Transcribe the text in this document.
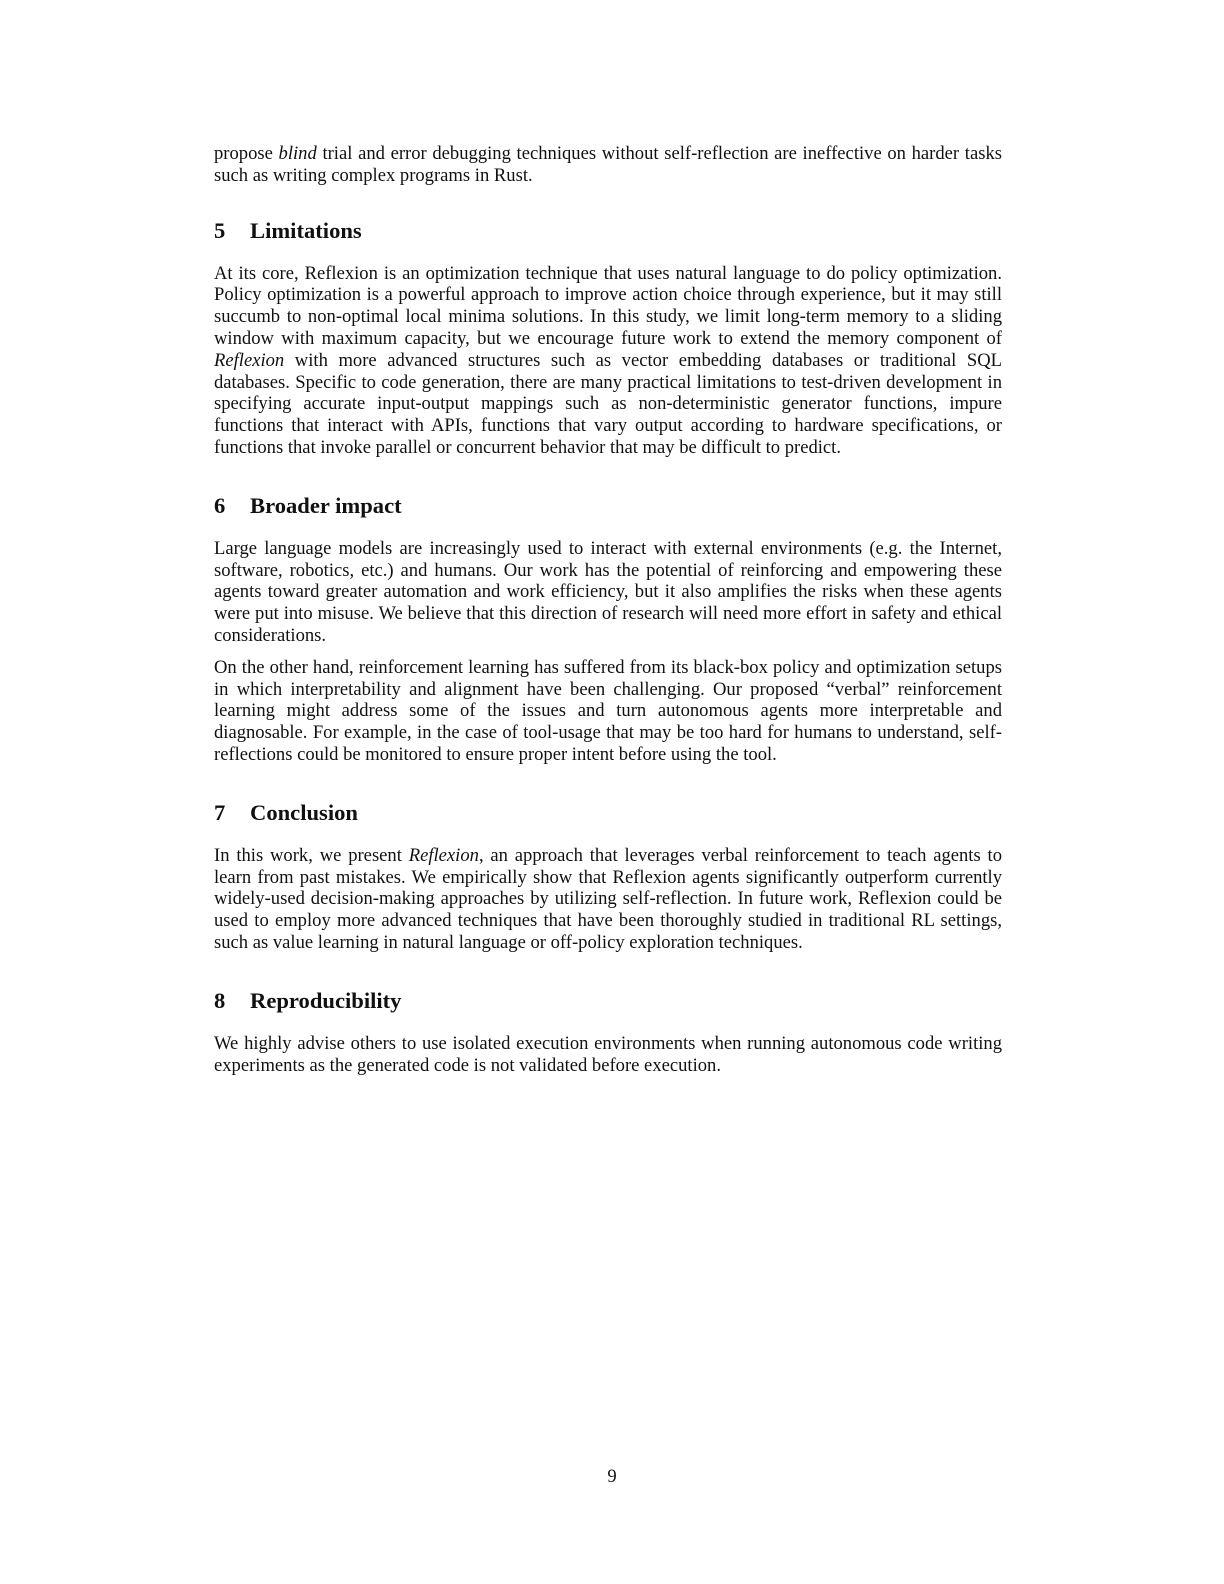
propose blind trial and error debugging techniques without self-reflection are ineffective on harder tasks such as writing complex programs in Rust.

5	Limitations

At its core, Reflexion is an optimization technique that uses natural language to do policy optimization. Policy optimization is a powerful approach to improve action choice through experience, but it may still succumb to non-optimal local minima solutions. In this study, we limit long-term memory to a sliding window with maximum capacity, but we encourage future work to extend the memory component of Reflexion with more advanced structures such as vector embedding databases or traditional SQL databases. Specific to code generation, there are many practical limitations to test-driven development in specifying accurate input-output mappings such as non-deterministic generator functions, impure functions that interact with APIs, functions that vary output according to hardware specifications, or functions that invoke parallel or concurrent behavior that may be difficult to predict.

6	Broader impact

Large language models are increasingly used to interact with external environments (e.g. the Internet, software, robotics, etc.) and humans. Our work has the potential of reinforcing and empowering these agents toward greater automation and work efficiency, but it also amplifies the risks when these agents were put into misuse. We believe that this direction of research will need more effort in safety and ethical considerations.

On the other hand, reinforcement learning has suffered from its black-box policy and optimization setups in which interpretability and alignment have been challenging. Our proposed “verbal” reinforcement learning might address some of the issues and turn autonomous agents more interpretable and diagnosable. For example, in the case of tool-usage that may be too hard for humans to understand, self-reflections could be monitored to ensure proper intent before using the tool.

7	Conclusion

In this work, we present Reflexion, an approach that leverages verbal reinforcement to teach agents to learn from past mistakes. We empirically show that Reflexion agents significantly outperform currently widely-used decision-making approaches by utilizing self-reflection. In future work, Reflexion could be used to employ more advanced techniques that have been thoroughly studied in traditional RL settings, such as value learning in natural language or off-policy exploration techniques.

8	Reproducibility

We highly advise others to use isolated execution environments when running autonomous code writing experiments as the generated code is not validated before execution.

9
